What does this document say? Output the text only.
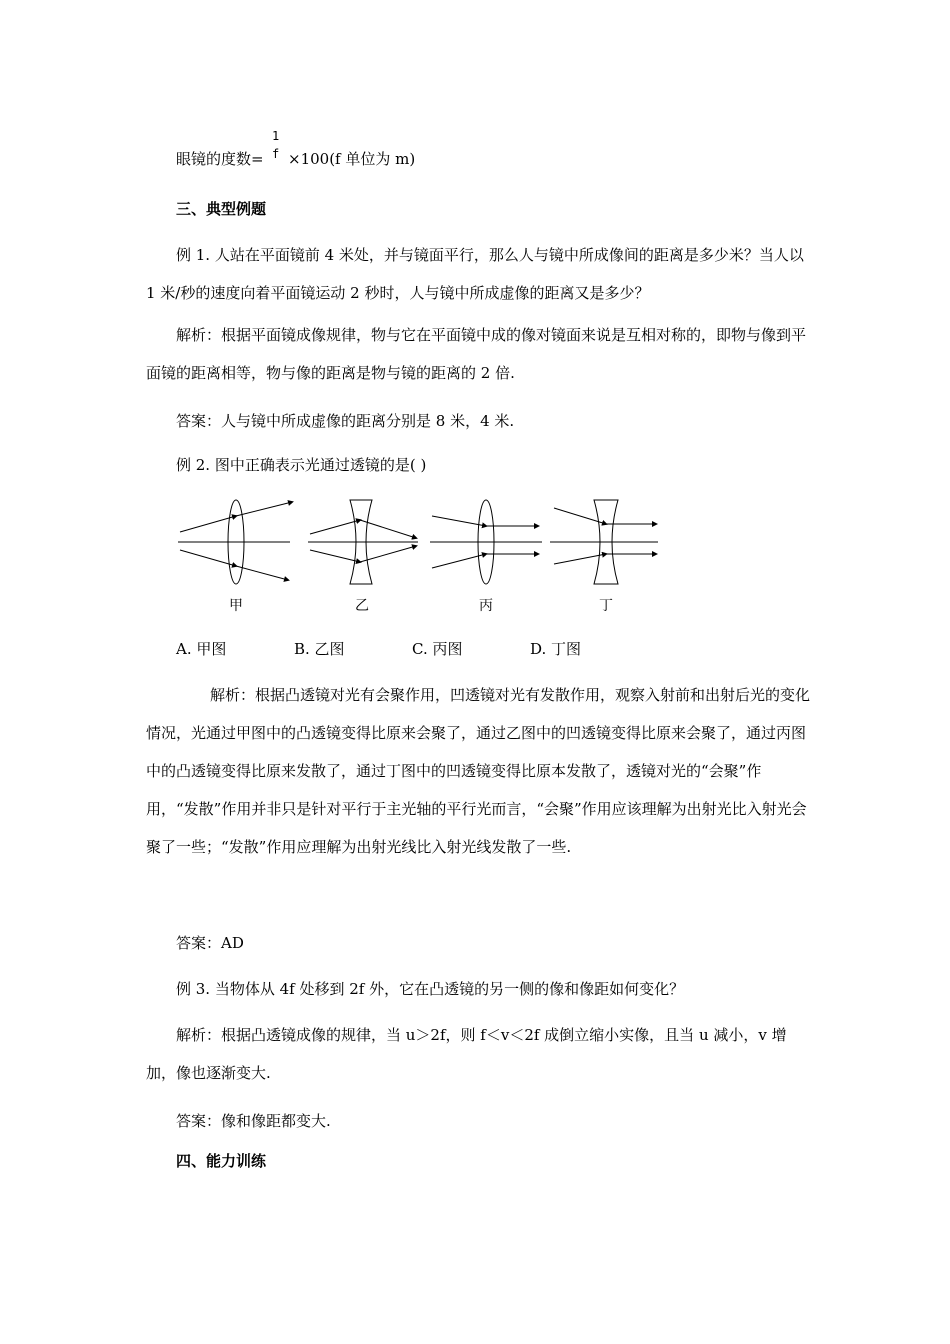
眼镜的度数=
1
f ×100(f 单位为 m)
三、典型例题
例 1. 人站在平面镜前 4 米处，并与镜面平行，那么人与镜中所成像间的距离是多少米？当人以 1 米/秒的速度向着平面镜运动 2 秒时，人与镜中所成虚像的距离又是多少？
解析：根据平面镜成像规律，物与它在平面镜中成的像对镜面来说是互相对称的，即物与像到平面镜的距离相等，物与像的距离是物与镜的距离的 2 倍.
答案：人与镜中所成虚像的距离分别是 8 米，4 米.
例 2. 图中正确表示光通过透镜的是( )
甲	乙	丙	丁
A. 甲图	B. 乙图	C. 丙图	D. 丁图
解析：根据凸透镜对光有会聚作用，凹透镜对光有发散作用，观察入射前和出射后光的变化情况，光通过甲图中的凸透镜变得比原来会聚了，通过乙图中的凹透镜变得比原来会聚了，通过丙图中的凸透镜变得比原来发散了，通过丁图中的凹透镜变得比原本发散了，透镜对光的“会聚”作用，“发散”作用并非只是针对平行于主光轴的平行光而言，“会聚”作用应该理解为出射光比入射光会聚了一些；“发散”作用应理解为出射光线比入射光线发散了一些.
答案：AD
例 3. 当物体从 4f 处移到 2f 外，它在凸透镜的另一侧的像和像距如何变化？
解析：根据凸透镜成像的规律，当 u＞2f，则 f＜v＜2f 成倒立缩小实像，且当 u 减小，v 增加，像也逐渐变大.
答案：像和像距都变大.
四、能力训练
